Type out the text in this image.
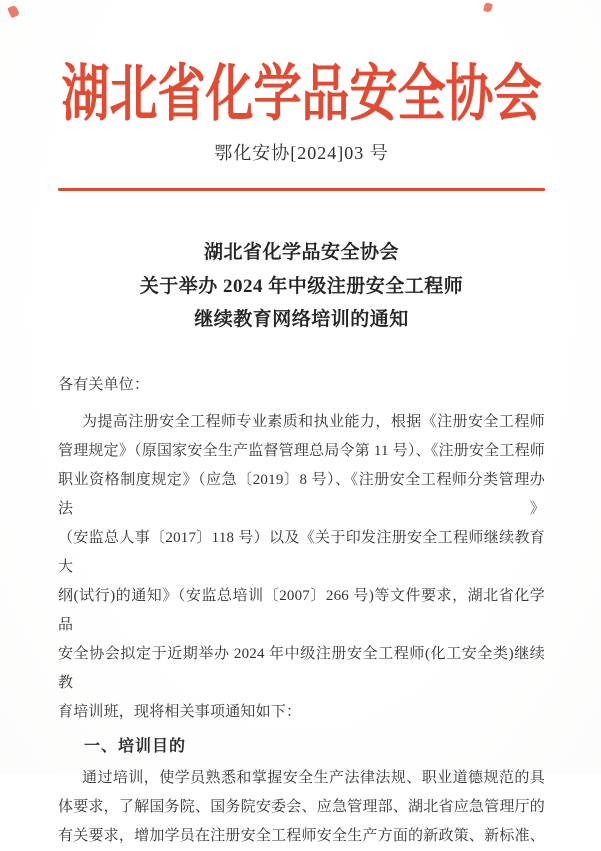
湖北省化学品安全协会
鄂化安协[2024]03 号
湖北省化学品安全协会
关于举办 2024 年中级注册安全工程师
继续教育网络培训的通知
各有关单位：
为提高注册安全工程师专业素质和执业能力，根据《注册安全工程师
管理规定》（原国家安全生产监督管理总局令第 11 号）、《注册安全工程师
职业资格制度规定》（应急〔2019〕8 号）、《注册安全工程师分类管理办法》
（安监总人事〔2017〕118 号）以及《关于印发注册安全工程师继续教育大
纲(试行)的通知》（安监总培训〔2007〕266 号)等文件要求，湖北省化学品
安全协会拟定于近期举办 2024 年中级注册安全工程师(化工安全类)继续教
育培训班，现将相关事项通知如下：
一、培训目的
通过培训，使学员熟悉和掌握安全生产法律法规、职业道德规范的具
体要求，了解国务院、国务院安委会、应急管理部、湖北省应急管理厅的
有关要求，增加学员在注册安全工程师安全生产方面的新政策、新标准、
